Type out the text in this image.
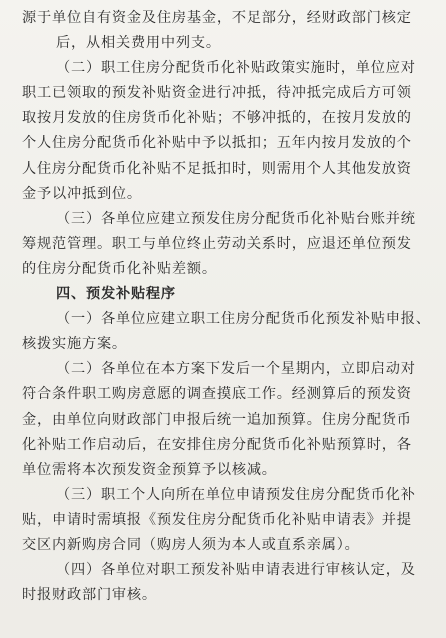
源于单位自有资金及住房基金，不足部分，经财政部门核定
后，从相关费用中列支。
（二）职工住房分配货币化补贴政策实施时，单位应对
职工已领取的预发补贴资金进行冲抵，待冲抵完成后方可领
取按月发放的住房货币化补贴；不够冲抵的，在按月发放的
个人住房分配货币化补贴中予以抵扣；五年内按月发放的个
人住房分配货币化补贴不足抵扣时，则需用个人其他发放资
金予以冲抵到位。
（三）各单位应建立预发住房分配货币化补贴台账并统
筹规范管理。职工与单位终止劳动关系时，应退还单位预发
的住房分配货币化补贴差额。
四、预发补贴程序
（一）各单位应建立职工住房分配货币化预发补贴申报、
核拨实施方案。
（二）各单位在本方案下发后一个星期内，立即启动对
符合条件职工购房意愿的调查摸底工作。经测算后的预发资
金，由单位向财政部门申报后统一追加预算。住房分配货币
化补贴工作启动后，在安排住房分配货币化补贴预算时，各
单位需将本次预发资金预算予以核减。
（三）职工个人向所在单位申请预发住房分配货币化补
贴，申请时需填报《预发住房分配货币化补贴申请表》并提
交区内新购房合同（购房人须为本人或直系亲属）。
（四）各单位对职工预发补贴申请表进行审核认定，及
时报财政部门审核。
